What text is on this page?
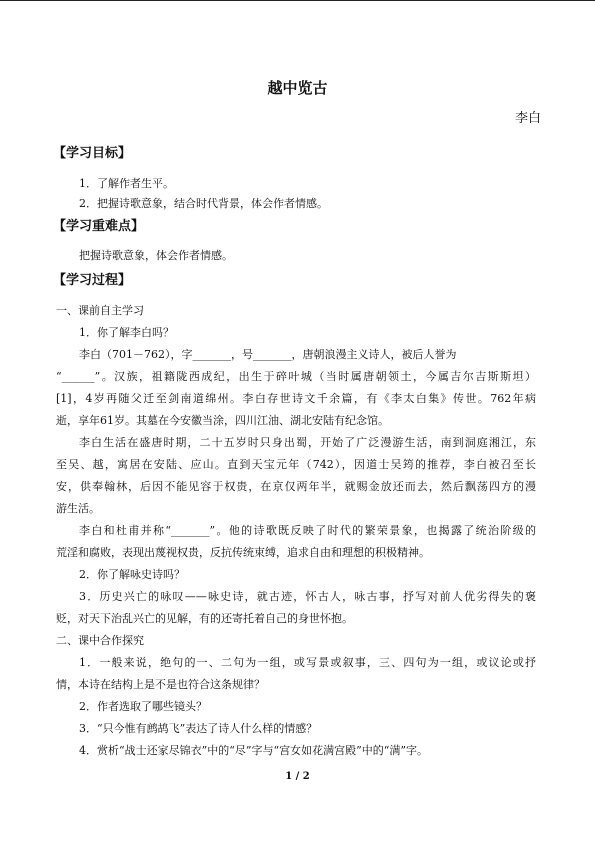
越中览古
李白
【学习目标】
1．了解作者生平。
2．把握诗歌意象，结合时代背景，体会作者情感。
【学习重难点】
把握诗歌意象，体会作者情感。
【学习过程】
一、课前自主学习
1．你了解李白吗？
李白（701－762），字_______，号_______，唐朝浪漫主义诗人，被后人誉为
“______”。汉族，祖籍陇西成纪，出生于碎叶城（当时属唐朝领土，今属吉尔吉斯斯坦）
[1]，4岁再随父迁至剑南道绵州。李白存世诗文千余篇，有《李太白集》传世。762年病
逝，享年61岁。其墓在今安徽当涂，四川江油、湖北安陆有纪念馆。
李白生活在盛唐时期，二十五岁时只身出蜀，开始了广泛漫游生活，南到洞庭湘江，东
至吴、越，寓居在安陆、应山。直到天宝元年（742），因道士吴筠的推荐，李白被召至长
安，供奉翰林，后因不能见容于权贵，在京仅两年半，就赐金放还而去，然后飘荡四方的漫
游生活。
李白和杜甫并称“_______”。他的诗歌既反映了时代的繁荣景象，也揭露了统治阶级的
荒淫和腐败，表现出蔑视权贵，反抗传统束缚，追求自由和理想的积极精神。
2．你了解咏史诗吗？
3．历史兴亡的咏叹——咏史诗，就古迹，怀古人，咏古事，抒写对前人优劣得失的褒
贬，对天下治乱兴亡的见解，有的还寄托着自己的身世怀抱。
二、课中合作探究
1．一般来说，绝句的一、二句为一组，或写景或叙事，三、四句为一组，或议论或抒
情，本诗在结构上是不是也符合这条规律？
2．作者选取了哪些镜头？
3．“只今惟有鹧鸪飞”表达了诗人什么样的情感？
4．赏析“战士还家尽锦衣”中的“尽”字与“宫女如花满宫殿”中的“满”字。
1 / 2
